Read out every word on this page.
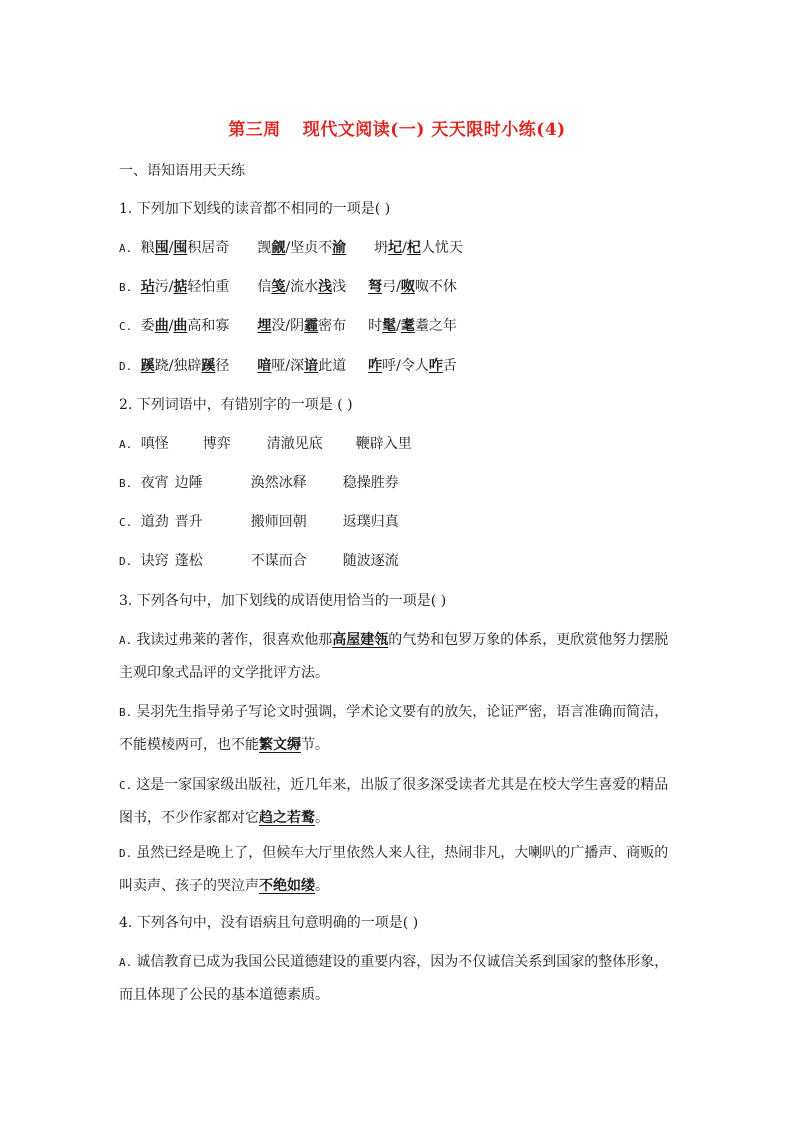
第三周 现代文阅读(一) 天天限时小练(4)
一、语知语用天天练
1. 下列加下划线的读音都不相同的一项是( )
A. 粮囤/囤积居奇 觊觎/坚贞不渝 坍圮/杞人忧天
B. 玷污/掂轻怕重 信笺/流水浅浅 弩弓/呶呶不休
C. 委曲/曲高和寡 埋没/阴霾密布 时髦/耄耋之年
D. 蹊跷/独辟蹊径 喑哑/深谙此道 咋呼/令人咋舌
2. 下列词语中，有错别字的一项是 ( )
A. 嗔怪 博弈	清澈见底 鞭辟入里
B. 夜宵 边陲	涣然冰释	稳操胜券
C. 道劲 晋升	搬师回朝	返璞归真
D. 诀窍 蓬松	不谋而合	随波逐流
3. 下列各句中，加下划线的成语使用恰当的一项是( )
A. 我读过弗莱的著作，很喜欢他那高屋建瓴的气势和包罗万象的体系，更欣赏他努力摆脱主观印象式品评的文学批评方法。
B. 吴羽先生指导弟子写论文时强调，学术论文要有的放矢，论证严密，语言准确而简洁，不能模棱两可，也不能繁文缛节。
C. 这是一家国家级出版社，近几年来，出版了很多深受读者尤其是在校大学生喜爱的精品图书，不少作家都对它趋之若鹜。
D. 虽然已经是晚上了，但候车大厅里依然人来人往，热闹非凡，大喇叭的广播声、商贩的叫卖声、孩子的哭泣声不绝如缕。
4. 下列各句中，没有语病且句意明确的一项是( )
A. 诚信教育已成为我国公民道德建设的重要内容，因为不仅诚信关系到国家的整体形象，而且体现了公民的基本道德素质。
